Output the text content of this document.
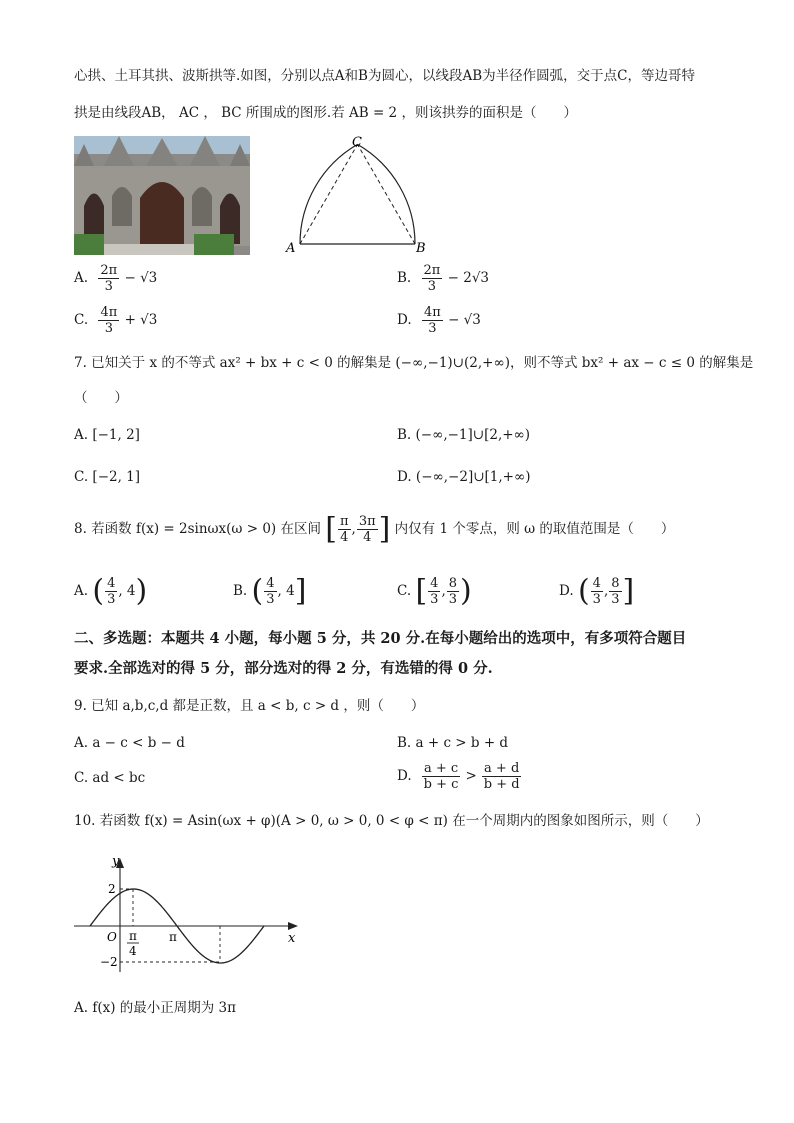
心拱、土耳其拱、波斯拱等.如图，分别以点A和B为圆心，以线段AB为半径作圆弧，交于点C，等边哥特
拱是由线段AB， AC ， BC 所围成的图形.若 AB = 2 ，则该拱券的面积是（　　）
C
A	B
A. $\frac{2\pi}{3} - √3$	B. $\frac{2\pi}{3} - 2√3$
C. $\frac{4\pi}{3} + √3$	D. $\frac{4\pi}{3} - √3$
7. 已知关于 x 的不等式 ax² + bx + c < 0 的解集是 (−∞,−1)∪(2,+∞)，则不等式 bx² + ax − c ≤ 0 的解集是
（　　）
A. [−1, 2]	B. (−∞,−1]∪[2,+∞)
C. [−2, 1]	D. (−∞,−2]∪[1,+∞)
8. 若函数 f(x) = 2sinωx(ω > 0) 在区间 [ $\frac{\pi}{4}$ , $\frac{3\pi}{4}$ ] 内仅有 1 个零点，则 ω 的取值范围是（　　）
A. ( $\frac{4}{3}$ , 4)	B. ( $\frac{4}{3}$ , 4]	C. [ $\frac{4}{3}$ , $\frac{8}{3}$ )	D. ( $\frac{4}{3}$ , $\frac{8}{3}$ ]
二、多选题：本题共 4 小题，每小题 5 分，共 20 分.在每小题给出的选项中，有多项符合题目
要求.全部选对的得 5 分，部分选对的得 2 分，有选错的得 0 分.
9. 已知 a,b,c,d 都是正数，且 a < b, c > d ，则（　　）
A. a − c < b − d	B. a + c > b + d
C. ad < bc	D. $\frac{a + c}{b + c} > \frac{a + d}{b + d}$
10. 若函数 f(x) = Asin(ωx + φ)(A > 0, ω > 0, 0 < φ < π) 在一个周期内的图象如图所示，则（　　）
y
x
O
2
−2
π
4
π
A. f(x) 的最小正周期为 3π
